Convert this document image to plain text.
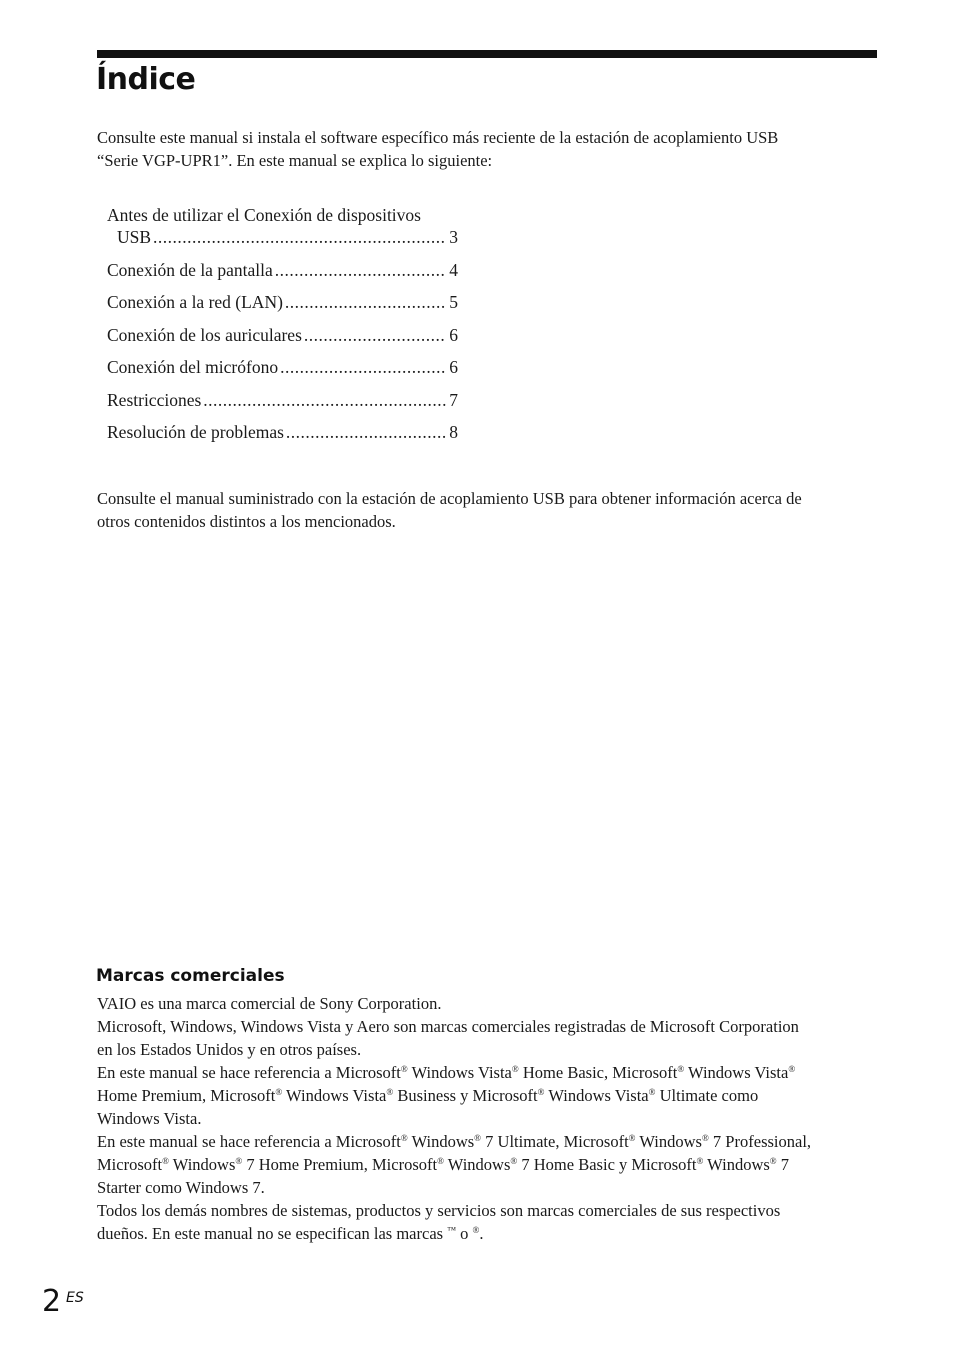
Índice
Consulte este manual si instala el software específico más reciente de la estación de acoplamiento USB
“Serie VGP-UPR1”. En este manual se explica lo siguiente:
Antes de utilizar el Conexión de dispositivos
USB .....	3
Conexión de la pantalla .....	4
Conexión a la red (LAN) .....	5
Conexión de los auriculares .....	6
Conexión del micrófono .....	6
Restricciones .....	7
Resolución de problemas .....	8
Consulte el manual suministrado con la estación de acoplamiento USB para obtener información acerca de
otros contenidos distintos a los mencionados.
Marcas comerciales
VAIO es una marca comercial de Sony Corporation.
Microsoft, Windows, Windows Vista y Aero son marcas comerciales registradas de Microsoft Corporation
en los Estados Unidos y en otros países.
En este manual se hace referencia a Microsoft® Windows Vista® Home Basic, Microsoft® Windows Vista®
Home Premium, Microsoft® Windows Vista® Business y Microsoft® Windows Vista® Ultimate como
Windows Vista.
En este manual se hace referencia a Microsoft® Windows® 7 Ultimate, Microsoft® Windows® 7 Professional,
Microsoft® Windows® 7 Home Premium, Microsoft® Windows® 7 Home Basic y Microsoft® Windows® 7
Starter como Windows 7.
Todos los demás nombres de sistemas, productos y servicios son marcas comerciales de sus respectivos
dueños. En este manual no se especifican las marcas ™ o ®.
2 ES
